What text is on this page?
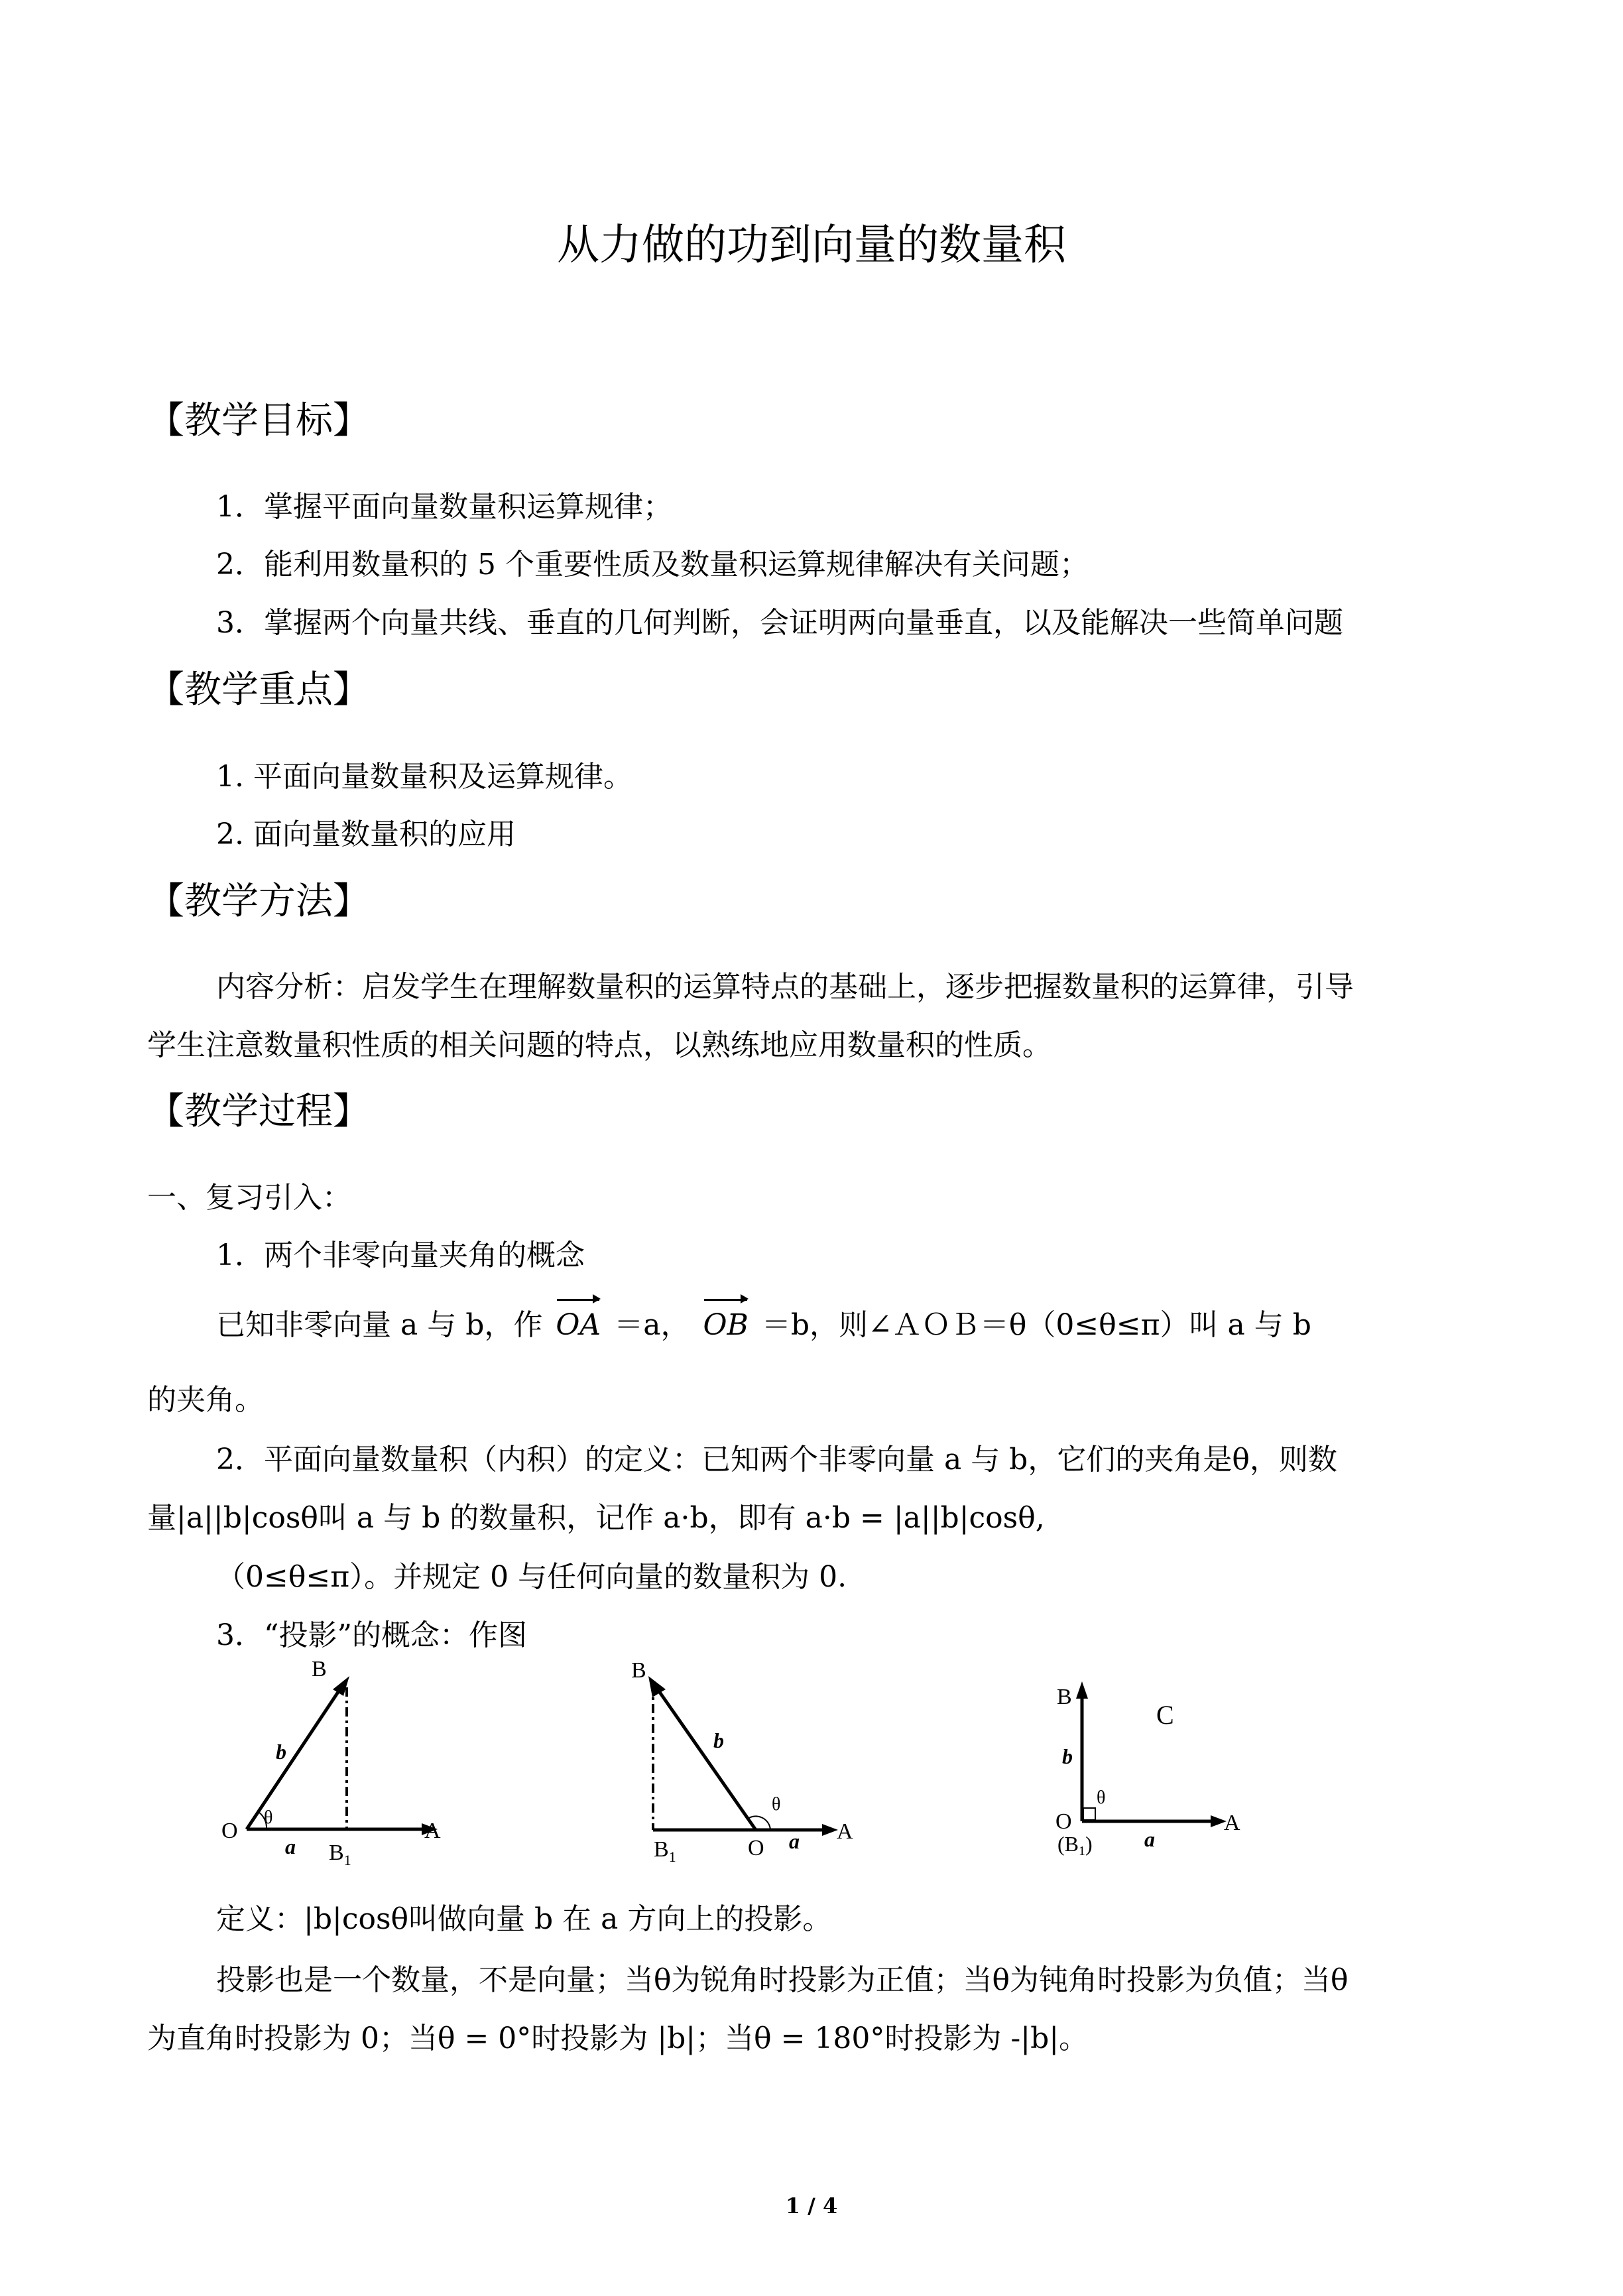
从力做的功到向量的数量积
【教学目标】
1．掌握平面向量数量积运算规律；
2．能利用数量积的 5 个重要性质及数量积运算规律解决有关问题；
3．掌握两个向量共线、垂直的几何判断，会证明两向量垂直，以及能解决一些简单问题
【教学重点】
1. 平面向量数量积及运算规律。
2. 面向量数量积的应用
【教学方法】
内容分析：启发学生在理解数量积的运算特点的基础上，逐步把握数量积的运算律，引导
学生注意数量积性质的相关问题的特点，以熟练地应用数量积的性质。
【教学过程】
一、复习引入：
1．两个非零向量夹角的概念
已知非零向量 a 与 b，作 OA ＝a， OB ＝b，则∠ＡＯＢ＝θ（0≤θ≤π）叫 a 与 b
的夹角。
2．平面向量数量积（内积）的定义：已知两个非零向量 a 与 b，它们的夹角是θ，则数
量|a||b|cosθ叫 a 与 b 的数量积，记作 a·b，即有 a·b = |a||b|cosθ,
（0≤θ≤π）。并规定 0 与任何向量的数量积为 0.
3．“投影”的概念：作图
B
b
O
θ
a $B_1$
A
B
b
θ
$B_1$	O a A
B
C
b
θ
O
(B1) a
A
定义：|b|cosθ叫做向量 b 在 a 方向上的投影。
投影也是一个数量，不是向量；当θ为锐角时投影为正值；当θ为钝角时投影为负值；当θ
为直角时投影为 0；当θ = 0°时投影为 |b|；当θ = 180°时投影为 -|b|。
1 / 4
